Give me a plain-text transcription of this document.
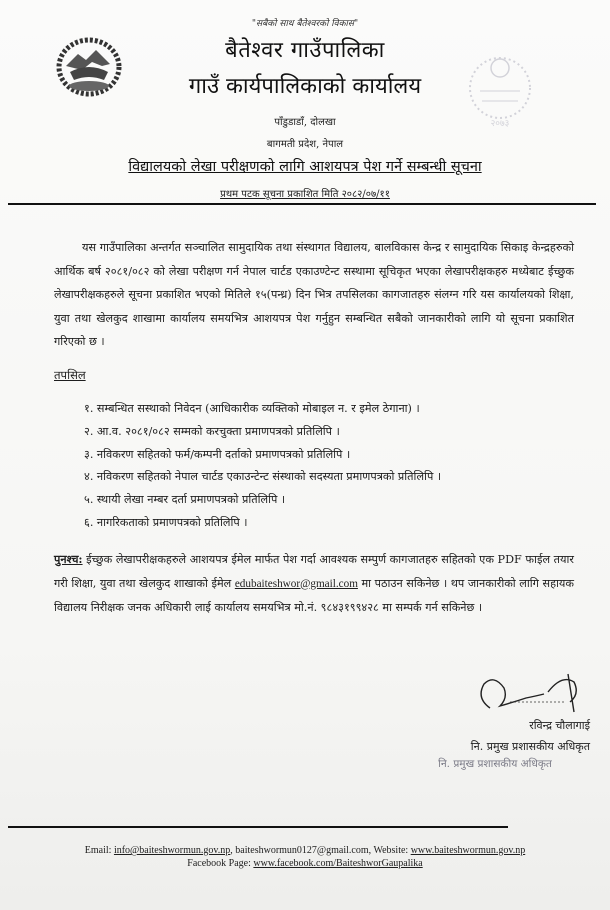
"सबैको साथ बैतेश्वरको विकास"
बैतेश्वर गाउँपालिका
गाउँ कार्यपालिकाको कार्यालय
पाँडुडाडाँ, दोलखा
बागमती प्रदेश, नेपाल
२०७३
विद्यालयको लेखा परीक्षणको लागि आशयपत्र पेश गर्ने सम्बन्धी सूचना
प्रथम पटक सूचना प्रकाशित मिति २०८२/०७/११
यस गाउँपालिका अन्तर्गत सञ्चालित सामुदायिक तथा संस्थागत विद्यालय, बालविकास केन्द्र र सामुदायिक सिकाइ केन्द्रहरुको आर्थिक बर्ष २०८१/०८२ को लेखा परीक्षण गर्न नेपाल चार्टड एकाउण्टेन्ट सस्थामा सूचिकृत भएका लेखापरीक्षकहरु मध्येबाट ईच्छुक लेखापरीक्षकहरुले सूचना प्रकाशित भएको मितिले १५(पन्ध्र) दिन भित्र तपसिलका कागजातहरु संलग्न गरि यस कार्यालयको शिक्षा, युवा तथा खेलकुद शाखामा कार्यालय समयभित्र आशयपत्र पेश गर्नुहुन सम्बन्धित सबैको जानकारीको लागि यो सूचना प्रकाशित गरिएको छ ।
तपसिल
१. सम्बन्धित सस्थाको निवेदन (आधिकारीक व्यक्तिको मोबाइल न. र इमेल ठेगाना) ।
२. आ.व. २०८१/०८२ सम्मको करचुक्ता प्रमाणपत्रको प्रतिलिपि ।
३. नविकरण सहितको फर्म/कम्पनी दर्ताको प्रमाणपत्रको प्रतिलिपि ।
४. नविकरण सहितको नेपाल चार्टड एकाउन्टेन्ट संस्थाको सदस्यता प्रमाणपत्रको प्रतिलिपि ।
५. स्थायी लेखा नम्बर दर्ता प्रमाणपत्रको प्रतिलिपि ।
६. नागरिकताको प्रमाणपत्रको प्रतिलिपि ।
पुनश्च: ईच्छुक लेखापरीक्षकहरुले आशयपत्र ईमेल मार्फत पेश गर्दा आवश्यक सम्पुर्ण कागजातहरु सहितको एक PDF फाईल तयार गरी शिक्षा, युवा तथा खेलकुद शाखाको ईमेल edubaiteshwor@gmail.com मा पठाउन सकिनेछ । थप जानकारीको लागि सहायक विद्यालय निरीक्षक जनक अधिकारी लाई कार्यालय समयभित्र मो.नं. ९८४३१९९४२८ मा सम्पर्क गर्न सकिनेछ ।
रविन्द्र चौलागाई
नि. प्रमुख प्रशासकीय अधिकृत
नि. प्रमुख प्रशासकीय अधिकृत
Email: info@baiteshwormun.gov.np, baiteshwormun0127@gmail.com, Website: www.baiteshwormun.gov.np
Facebook Page: www.facebook.com/BaiteshworGaupalika
